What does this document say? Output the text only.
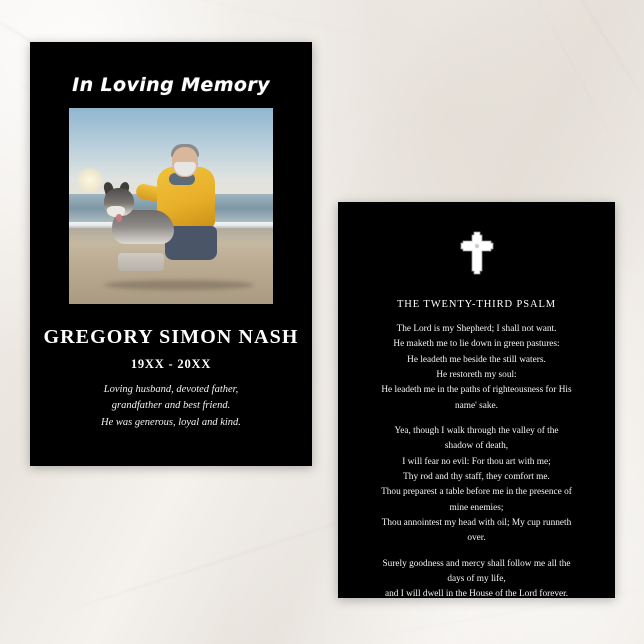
In Loving Memory
GREGORY SIMON NASH
19XX - 20XX
Loving husband, devoted father,
grandfather and best friend.
He was generous, loyal and kind.
THE TWENTY-THIRD PSALM
The Lord is my Shepherd; I shall not want.
He maketh me to lie down in green pastures:
He leadeth me beside the still waters.
He restoreth my soul:
He leadeth me in the paths of righteousness for His
name' sake.
Yea, though I walk through the valley of the
shadow of death,
I will fear no evil: For thou art with me;
Thy rod and thy staff, they comfort me.
Thou preparest a table before me in the presence of
mine enemies;
Thou annointest my head with oil; My cup runneth
over.
Surely goodness and mercy shall follow me all the
days of my life,
and I will dwell in the House of the Lord forever.
